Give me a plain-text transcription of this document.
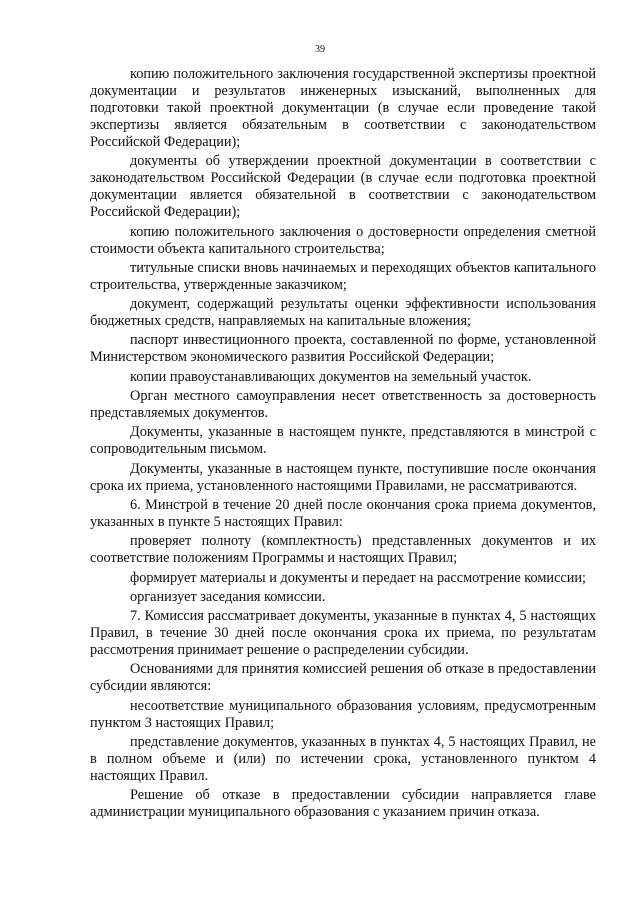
39

копию положительного заключения государственной экспертизы проектной документации и результатов инженерных изысканий, выполненных для подготовки такой проектной документации (в случае если проведение такой экспертизы является обязательным в соответствии с законодательством Российской Федерации);

документы об утверждении проектной документации в соответствии с законодательством Российской Федерации (в случае если подготовка проектной документации является обязательной в соответствии с законодательством Российской Федерации);

копию положительного заключения о достоверности определения сметной стоимости объекта капитального строительства;

титульные списки вновь начинаемых и переходящих объектов капитального строительства, утвержденные заказчиком;

документ, содержащий результаты оценки эффективности использования бюджетных средств, направляемых на капитальные вложения;

паспорт инвестиционного проекта, составленной по форме, установленной Министерством экономического развития Российской Федерации;

копии правоустанавливающих документов на земельный участок.

Орган местного самоуправления несет ответственность за достоверность представляемых документов.

Документы, указанные в настоящем пункте, представляются в минстрой с сопроводительным письмом.

Документы, указанные в настоящем пункте, поступившие после окончания срока их приема, установленного настоящими Правилами, не рассматриваются.

6. Минстрой в течение 20 дней после окончания срока приема документов, указанных в пункте 5 настоящих Правил:

проверяет полноту (комплектность) представленных документов и их соответствие положениям Программы и настоящих Правил;

формирует материалы и документы и передает на рассмотрение комиссии;

организует заседания комиссии.

7. Комиссия рассматривает документы, указанные в пунктах 4, 5 настоящих Правил, в течение 30 дней после окончания срока их приема, по результатам рассмотрения принимает решение о распределении субсидии.

Основаниями для принятия комиссией решения об отказе в предоставлении субсидии являются:

несоответствие муниципального образования условиям, предусмотренным пунктом 3 настоящих Правил;

представление документов, указанных в пунктах 4, 5 настоящих Правил, не в полном объеме и (или) по истечении срока, установленного пунктом 4 настоящих Правил.

Решение об отказе в предоставлении субсидии направляется главе администрации муниципального образования с указанием причин отказа.
